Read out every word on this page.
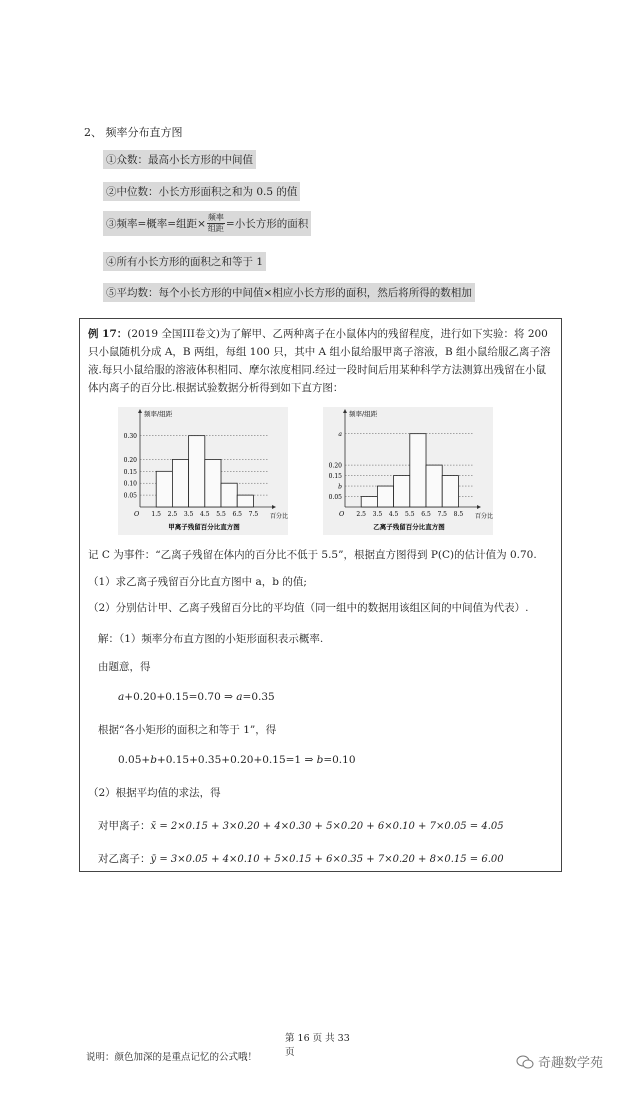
2、 频率分布直方图
①众数：最高小长方形的中间值
②中位数：小长方形面积之和为 0.5 的值
③频率=概率=组距× $\frac{\text{频率}}{\text{组距}}$ =小长方形的面积
④所有小长方形的面积之和等于 1
⑤平均数：每个小长方形的中间值×相应小长方形的面积，然后将所得的数相加
例 17：(2019 全国III卷文)为了解甲、乙两种离子在小鼠体内的残留程度，进行如下实验：将 200 只小鼠随机分成 A，B 两组，每组 100 只，其中 A 组小鼠给服甲离子溶液，B 组小鼠给服乙离子溶液.每只小鼠给服的溶液体积相同、摩尔浓度相同.经过一段时间后用某种科学方法测算出残留在小鼠体内离子的百分比.根据试验数据分析得到如下直方图：
0.30
0.20
0.15
0.10
0.05
1.5 2.5 3.5 4.5 5.5 6.5 7.5
O	百分比
频率/组距
甲离子残留百分比直方图
a
0.20
0.15
b
0.05
2.5 3.5 4.5 5.5 6.5 7.5 8.5
O	百分比
频率/组距
乙离子残留百分比直方图
记 C 为事件：“乙离子残留在体内的百分比不低于 5.5”，根据直方图得到 P(C)的估计值为 0.70.
（1）求乙离子残留百分比直方图中 a，b 的值;
（2）分别估计甲、乙离子残留百分比的平均值（同一组中的数据用该组区间的中间值为代表）.
解：（1）频率分布直方图的小矩形面积表示概率.
由题意，得
a+0.20+0.15=0.70 ⇒ a=0.35
根据“各小矩形的面积之和等于 1”，得
0.05+b+0.15+0.35+0.20+0.15=1 ⇒ b=0.10
（2）根据平均值的求法，得
对甲离子：x̄ = 2×0.15 + 3×0.20 + 4×0.30 + 5×0.20 + 6×0.10 + 7×0.05 = 4.05
对乙离子：ȳ = 3×0.05 + 4×0.10 + 5×0.15 + 6×0.35 + 7×0.20 + 8×0.15 = 6.00
第 16 页 共 33 页
说明：颜色加深的是重点记忆的公式哦！	奇趣数学苑
